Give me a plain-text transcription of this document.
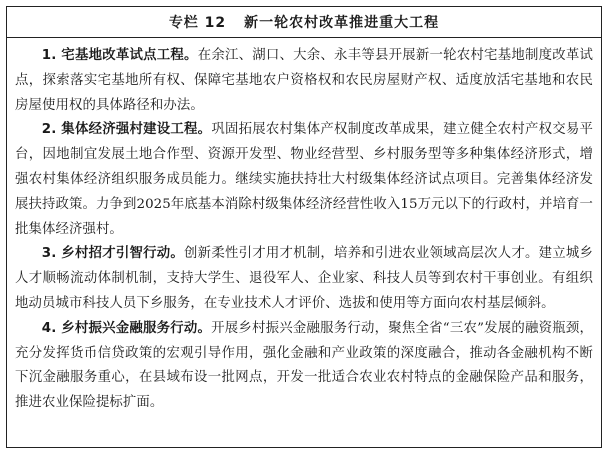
专栏 12 新一轮农村改革推进重大工程

1. 宅基地改革试点工程。在余江、湖口、大余、永丰等县开展新一轮农村宅基地制度改革试点，探索落实宅基地所有权、保障宅基地农户资格权和农民房屋财产权、适度放活宅基地和农民房屋使用权的具体路径和办法。

2. 集体经济强村建设工程。巩固拓展农村集体产权制度改革成果，建立健全农村产权交易平台，因地制宜发展土地合作型、资源开发型、物业经营型、乡村服务型等多种集体经济形式，增强农村集体经济组织服务成员能力。继续实施扶持壮大村级集体经济试点项目。完善集体经济发展扶持政策。力争到2025年底基本消除村级集体经济经营性收入15万元以下的行政村，并培育一批集体经济强村。

3. 乡村招才引智行动。创新柔性引才用才机制，培养和引进农业领域高层次人才。建立城乡人才顺畅流动体制机制，支持大学生、退役军人、企业家、科技人员等到农村干事创业。有组织地动员城市科技人员下乡服务，在专业技术人才评价、选拔和使用等方面向农村基层倾斜。

4. 乡村振兴金融服务行动。开展乡村振兴金融服务行动，聚焦全省“三农”发展的融资瓶颈，充分发挥货币信贷政策的宏观引导作用，强化金融和产业政策的深度融合，推动各金融机构不断下沉金融服务重心，在县域布设一批网点，开发一批适合农业农村特点的金融保险产品和服务，推进农业保险提标扩面。
